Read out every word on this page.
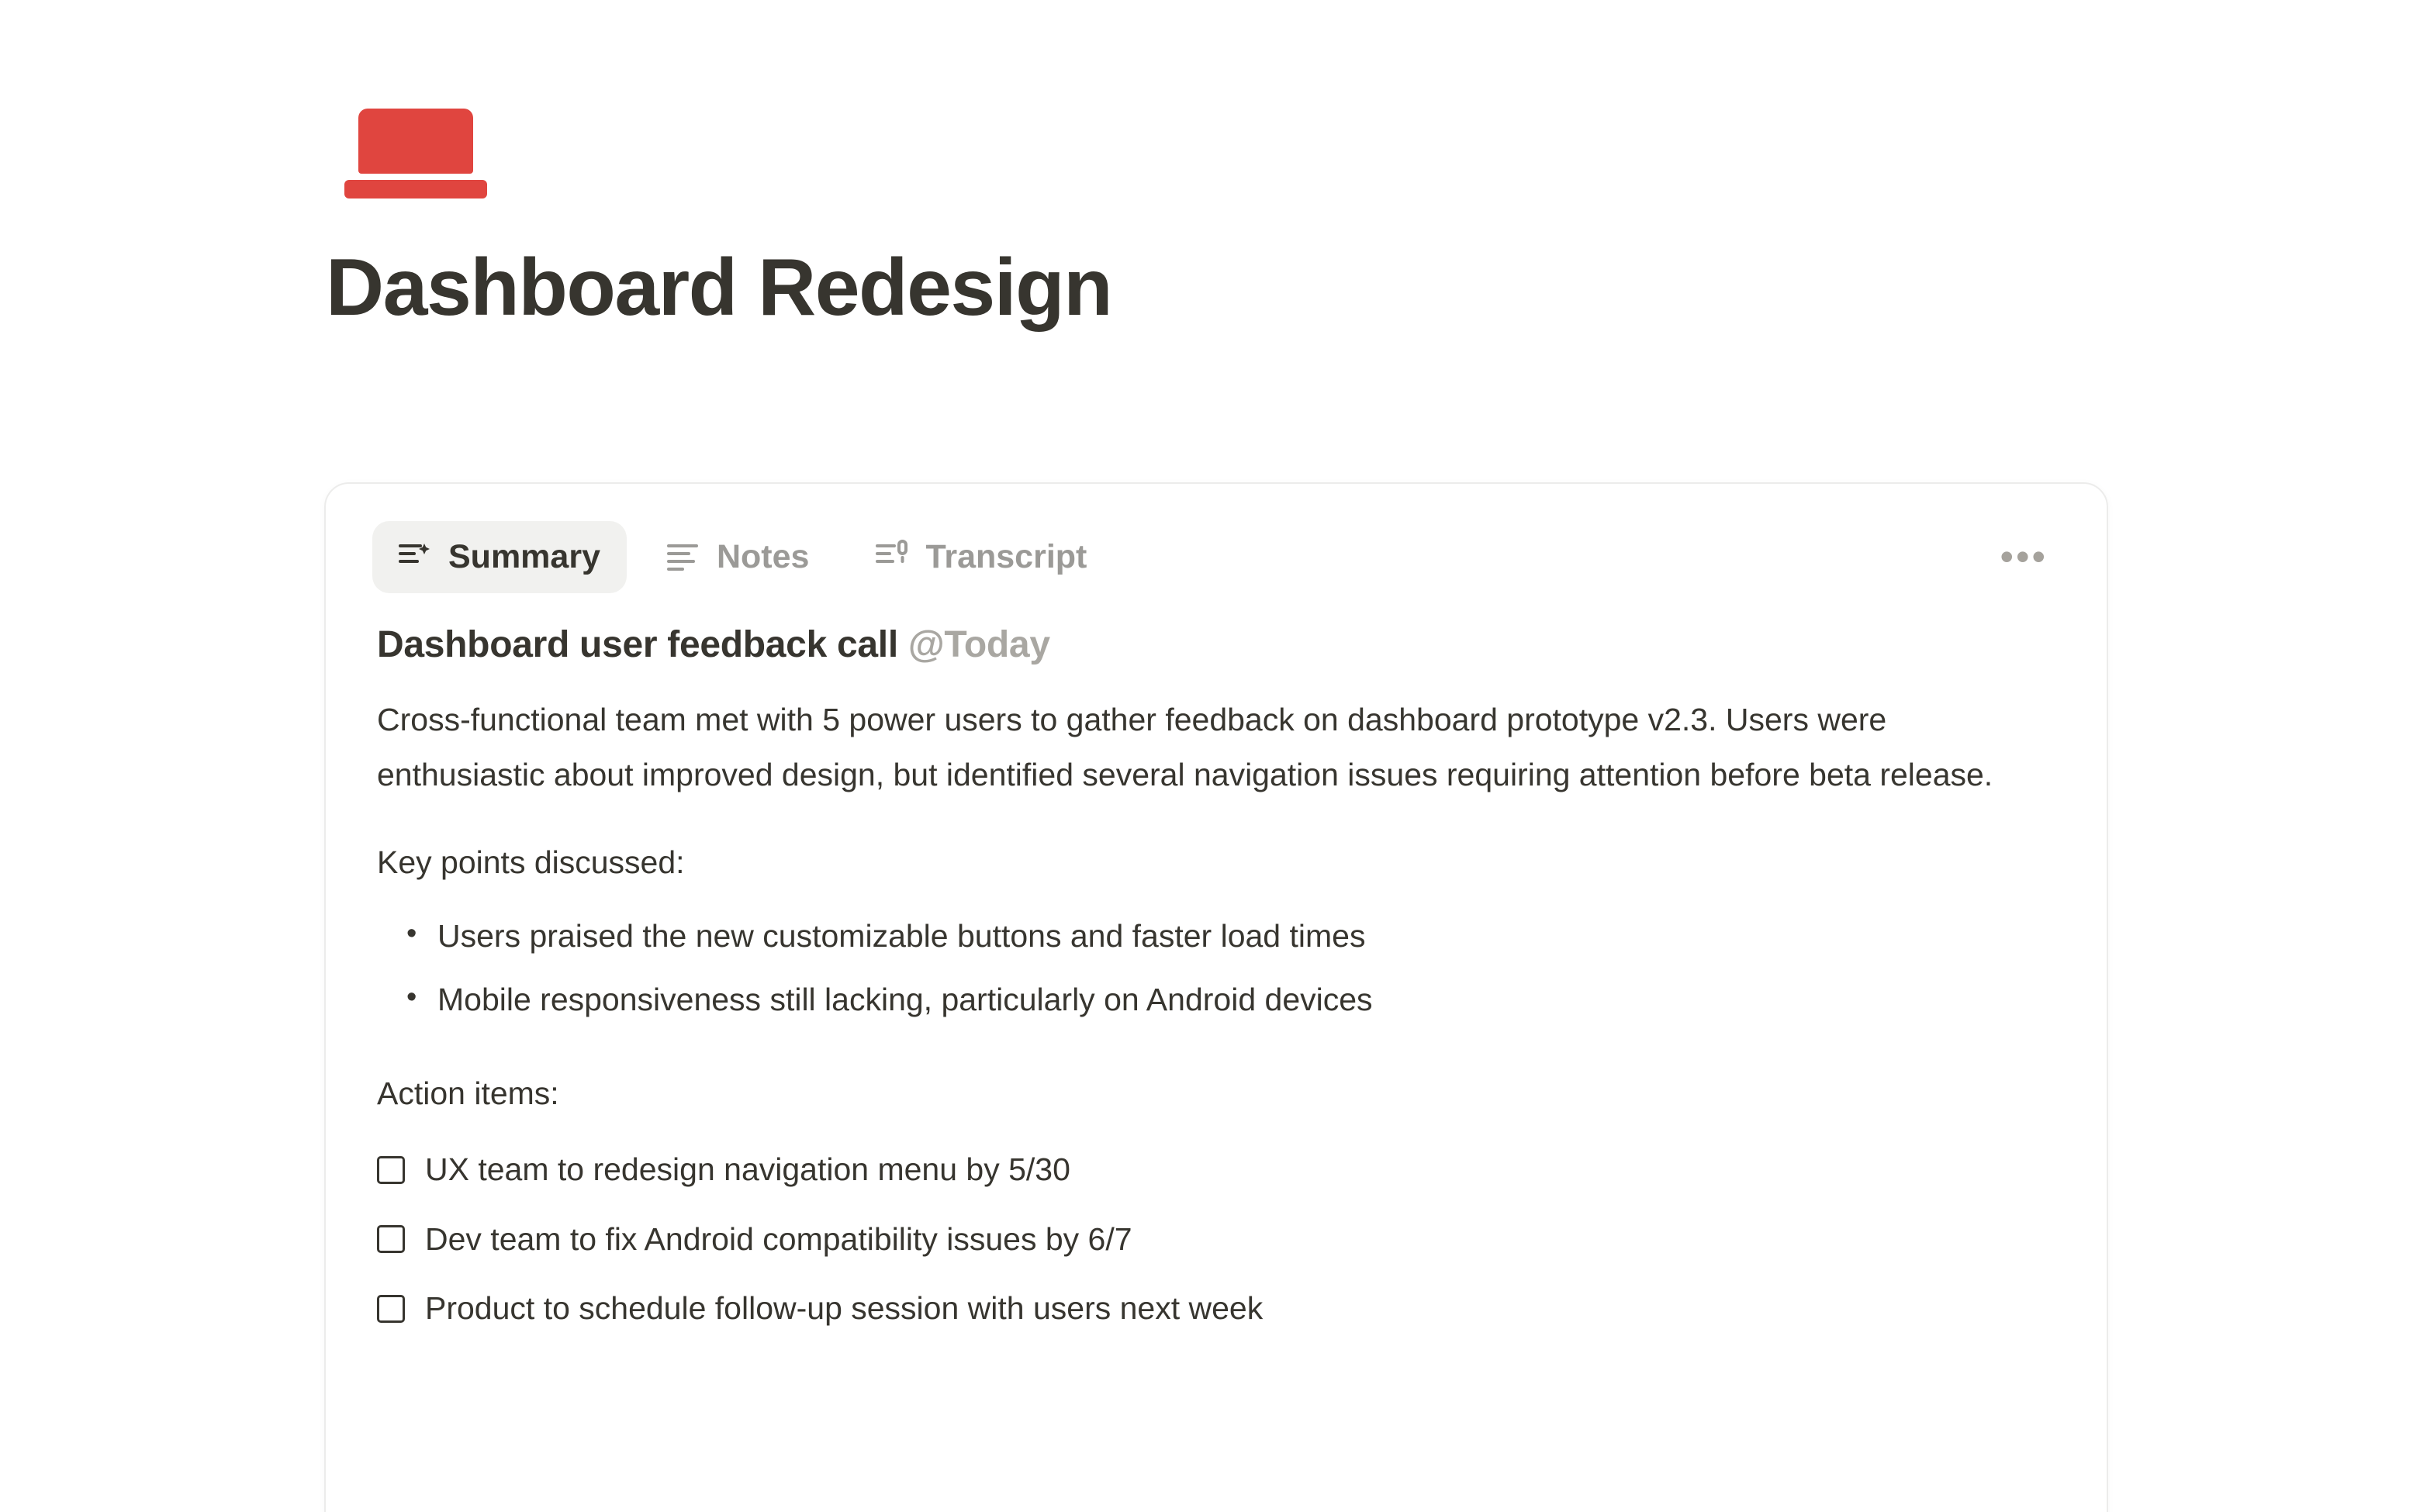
Dashboard Redesign
Summary	Notes	Transcript	•••
Dashboard user feedback call @Today

Cross-functional team met with 5 power users to gather feedback on dashboard prototype v2.3. Users were enthusiastic about improved design, but identified several navigation issues requiring attention before beta release.

Key points discussed:

• Users praised the new customizable buttons and faster load times
• Mobile responsiveness still lacking, particularly on Android devices

Action items:

UX team to redesign navigation menu by 5/30
Dev team to fix Android compatibility issues by 6/7
Product to schedule follow-up session with users next week
